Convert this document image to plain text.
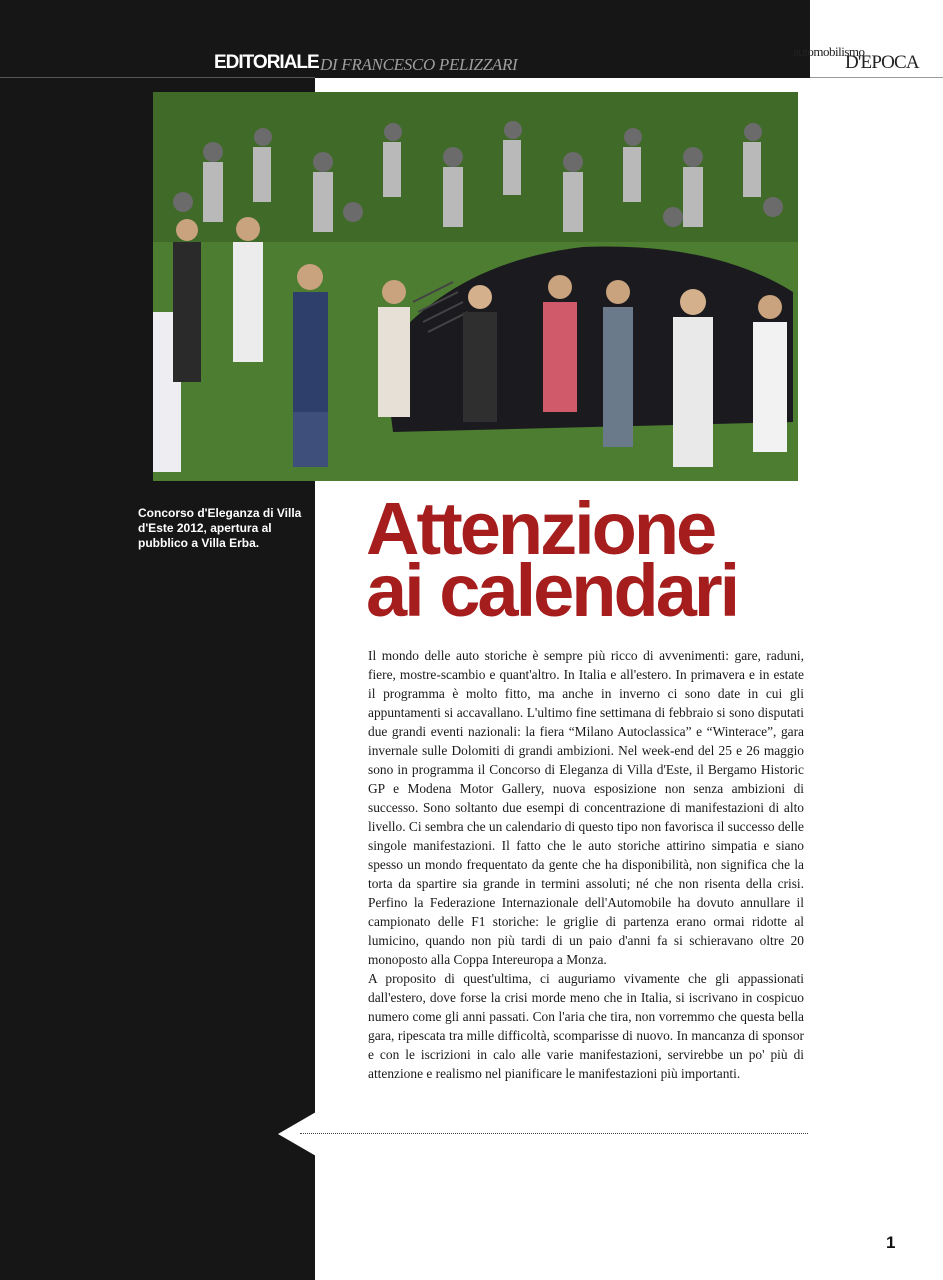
EDITORIALE DI FRANCESCO PELIZZARI
automobilismo
D'EPOCA

Concorso d'Eleganza di Villa d'Este 2012, apertura al pubblico a Villa Erba.	Attenzione
ai calendari

Il mondo delle auto storiche è sempre più ricco di avvenimenti: gare, raduni, fiere, mostre-scambio e quant'altro. In Italia e all'estero. In primavera e in estate il programma è molto fitto, ma anche in inverno ci sono date in cui gli appuntamenti si accavallano. L'ultimo fine settimana di febbraio si sono disputati due grandi eventi nazionali: la fiera “Milano Autoclassica” e “Winterace”, gara invernale sulle Dolomiti di grandi ambizioni. Nel week-end del 25 e 26 maggio sono in programma il Concorso di Eleganza di Villa d'Este, il Bergamo Historic GP e Modena Motor Gallery, nuova esposizione non senza ambizioni di successo. Sono soltanto due esempi di concentrazione di manifestazioni di alto livello. Ci sembra che un calendario di questo tipo non favorisca il successo delle singole manifestazioni. Il fatto che le auto storiche attirino simpatia e siano spesso un mondo frequentato da gente che ha disponibilità, non significa che la torta da spartire sia grande in termini assoluti; né che non risenta della crisi. Perfino la Federazione Internazionale dell'Automobile ha dovuto annullare il campionato delle F1 storiche: le griglie di partenza erano ormai ridotte al lumicino, quando non più tardi di un paio d'anni fa si schieravano oltre 20 monoposto alla Coppa Intereuropa a Monza.

A proposito di quest'ultima, ci auguriamo vivamente che gli appassionati dall'estero, dove forse la crisi morde meno che in Italia, si iscrivano in cospicuo numero come gli anni passati. Con l'aria che tira, non vorremmo che questa bella gara, ripescata tra mille difficoltà, scomparisse di nuovo. In mancanza di sponsor e con le iscrizioni in calo alle varie manifestazioni, servirebbe un po' più di attenzione e realismo nel pianificare le manifestazioni più importanti.

1
